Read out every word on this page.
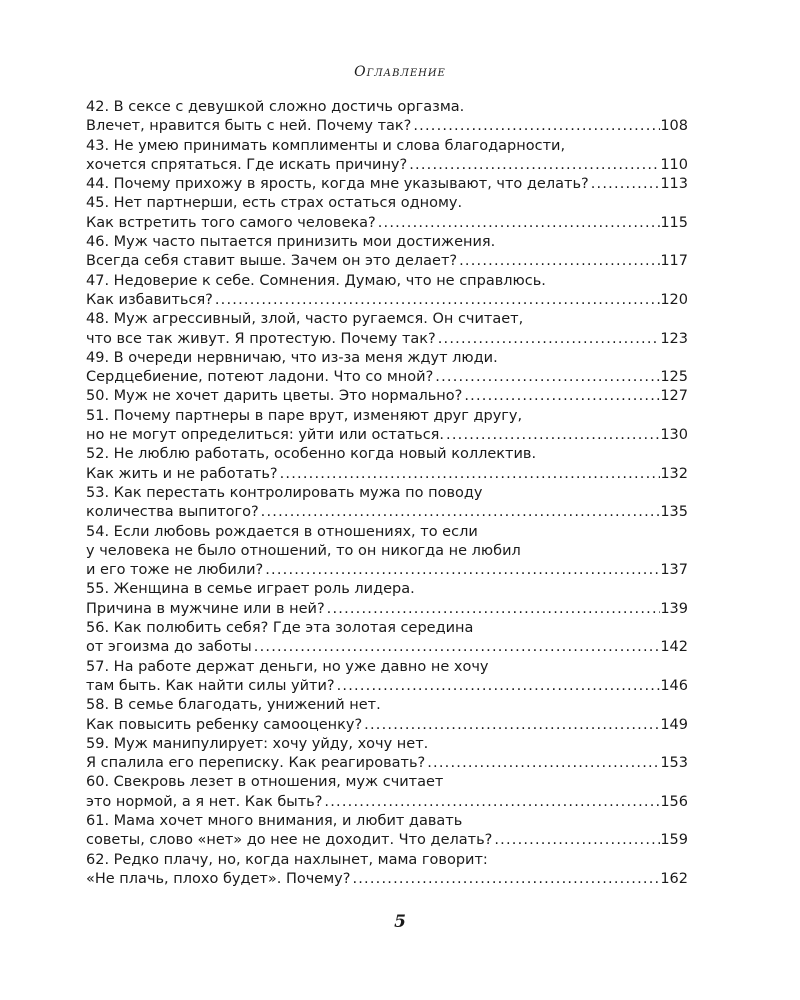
Оглавление
42. В сексе с девушкой сложно достичь оргазма.
Влечет, нравится быть с ней. Почему так? .....	108
43. Не умею принимать комплименты и слова благодарности,
хочется спрятаться. Где искать причину? .....	110
44. Почему прихожу в ярость, когда мне указывают, что делать? .....	113
45. Нет партнерши, есть страх остаться одному.
Как встретить того самого человека? .....	115
46. Муж часто пытается принизить мои достижения.
Всегда себя ставит выше. Зачем он это делает? .....	117
47. Недоверие к себе. Сомнения. Думаю, что не справлюсь.
Как избавиться? .....	120
48. Муж агрессивный, злой, часто ругаемся. Он считает,
что все так живут. Я протестую. Почему так? .....	123
49. В очереди нервничаю, что из-за меня ждут люди.
Сердцебиение, потеют ладони. Что со мной? .....	125
50. Муж не хочет дарить цветы. Это нормально? .....	127
51. Почему партнеры в паре врут, изменяют друг другу,
но не могут определиться: уйти или остаться. .....	130
52. Не люблю работать, особенно когда новый коллектив.
Как жить и не работать? .....	132
53. Как перестать контролировать мужа по поводу
количества выпитого? .....	135
54. Если любовь рождается в отношениях, то если
у человека не было отношений, то он никогда не любил
и его тоже не любили? .....	137
55. Женщина в семье играет роль лидера.
Причина в мужчине или в ней? .....	139
56. Как полюбить себя? Где эта золотая середина
от эгоизма до заботы .....	142
57. На работе держат деньги, но уже давно не хочу
там быть. Как найти силы уйти? .....	146
58. В семье благодать, унижений нет.
Как повысить ребенку самооценку? .....	149
59. Муж манипулирует: хочу уйду, хочу нет.
Я спалила его переписку. Как реагировать? .....	153
60. Свекровь лезет в отношения, муж считает
это нормой, а я нет. Как быть? .....	156
61. Мама хочет много внимания, и любит давать
советы, слово «нет» до нее не доходит. Что делать? .....	159
62. Редко плачу, но, когда нахлынет, мама говорит:
«Не плачь, плохо будет». Почему? .....	162
5
